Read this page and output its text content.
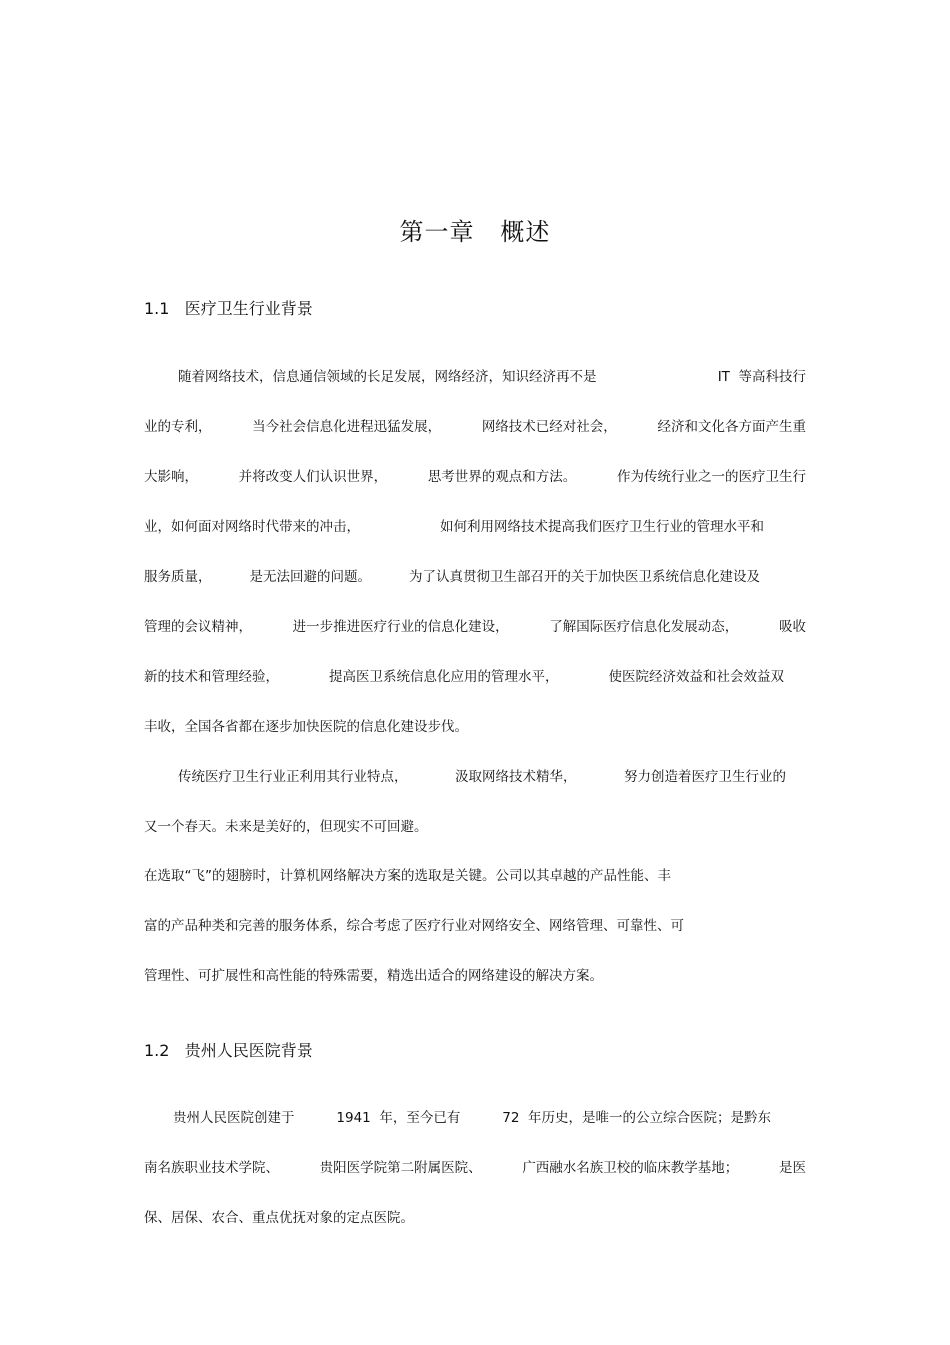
第一章   概述
1.1   医疗卫生行业背景
随着网络技术，信息通信领域的长足发展，网络经济，知识经济再不是	IT  等高科技行
业的专利，	当今社会信息化进程迅猛发展，	网络技术已经对社会，	经济和文化各方面产生重
大影响，	并将改变人们认识世界，	思考世界的观点和方法。	作为传统行业之一的医疗卫生行
业，如何面对网络时代带来的冲击，	如何利用网络技术提高我们医疗卫生行业的管理水平和
服务质量，	是无法回避的问题。	为了认真贯彻卫生部召开的关于加快医卫系统信息化建设及
管理的会议精神，	进一步推进医疗行业的信息化建设，	了解国际医疗信息化发展动态，	吸收
新的技术和管理经验，	提高医卫系统信息化应用的管理水平，	使医院经济效益和社会效益双
丰收，全国各省都在逐步加快医院的信息化建设步伐。
传统医疗卫生行业正利用其行业特点，	汲取网络技术精华，	努力创造着医疗卫生行业的
又一个春天。未来是美好的，但现实不可回避。
在选取“飞”的翅膀时，计算机网络解决方案的选取是关键。公司以其卓越的产品性能、丰
富的产品种类和完善的服务体系，综合考虑了医疗行业对网络安全、网络管理、可靠性、可
管理性、可扩展性和高性能的特殊需要，精选出适合的网络建设的解决方案。
1.2   贵州人民医院背景
贵州人民医院创建于	1941  年，至今已有	72  年历史，是唯一的公立综合医院；是黔东
南名族职业技术学院、	贵阳医学院第二附属医院、	广西融水名族卫校的临床教学基地；	是医
保、居保、农合、重点优抚对象的定点医院。
